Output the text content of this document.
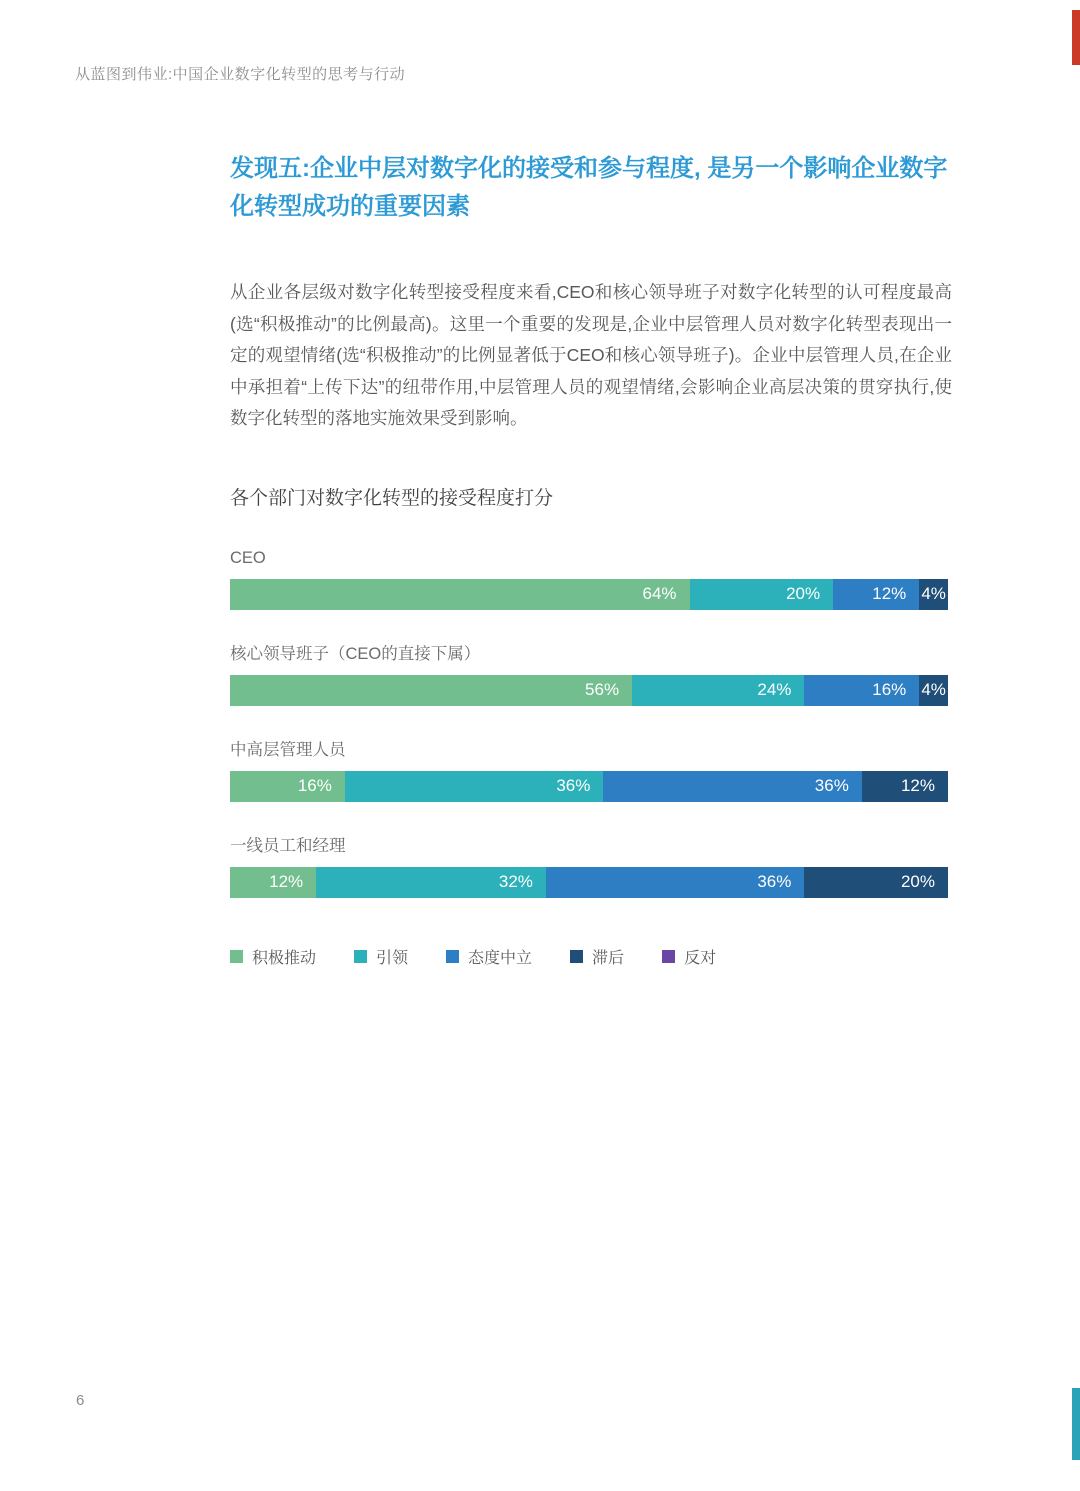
从蓝图到伟业:中国企业数字化转型的思考与行动
发现五:企业中层对数字化的接受和参与程度, 是另一个影响企业数字化转型成功的重要因素
从企业各层级对数字化转型接受程度来看,CEO和核心领导班子对数字化转型的认可程度最高(选“积极推动”的比例最高)。这里一个重要的发现是,企业中层管理人员对数字化转型表现出一定的观望情绪(选“积极推动”的比例显著低于CEO和核心领导班子)。企业中层管理人员,在企业中承担着“上传下达”的纽带作用,中层管理人员的观望情绪,会影响企业高层决策的贯穿执行,使数字化转型的落地实施效果受到影响。
各个部门对数字化转型的接受程度打分
CEO
64%	20%	12% 4%
核心领导班子（CEO的直接下属）
56%	24%	16% 4%
中高层管理人员
16%	36%	36%	12%
一线员工和经理
12%	32%	36%	20%
积极推动	引领	态度中立	滞后	反对
6
